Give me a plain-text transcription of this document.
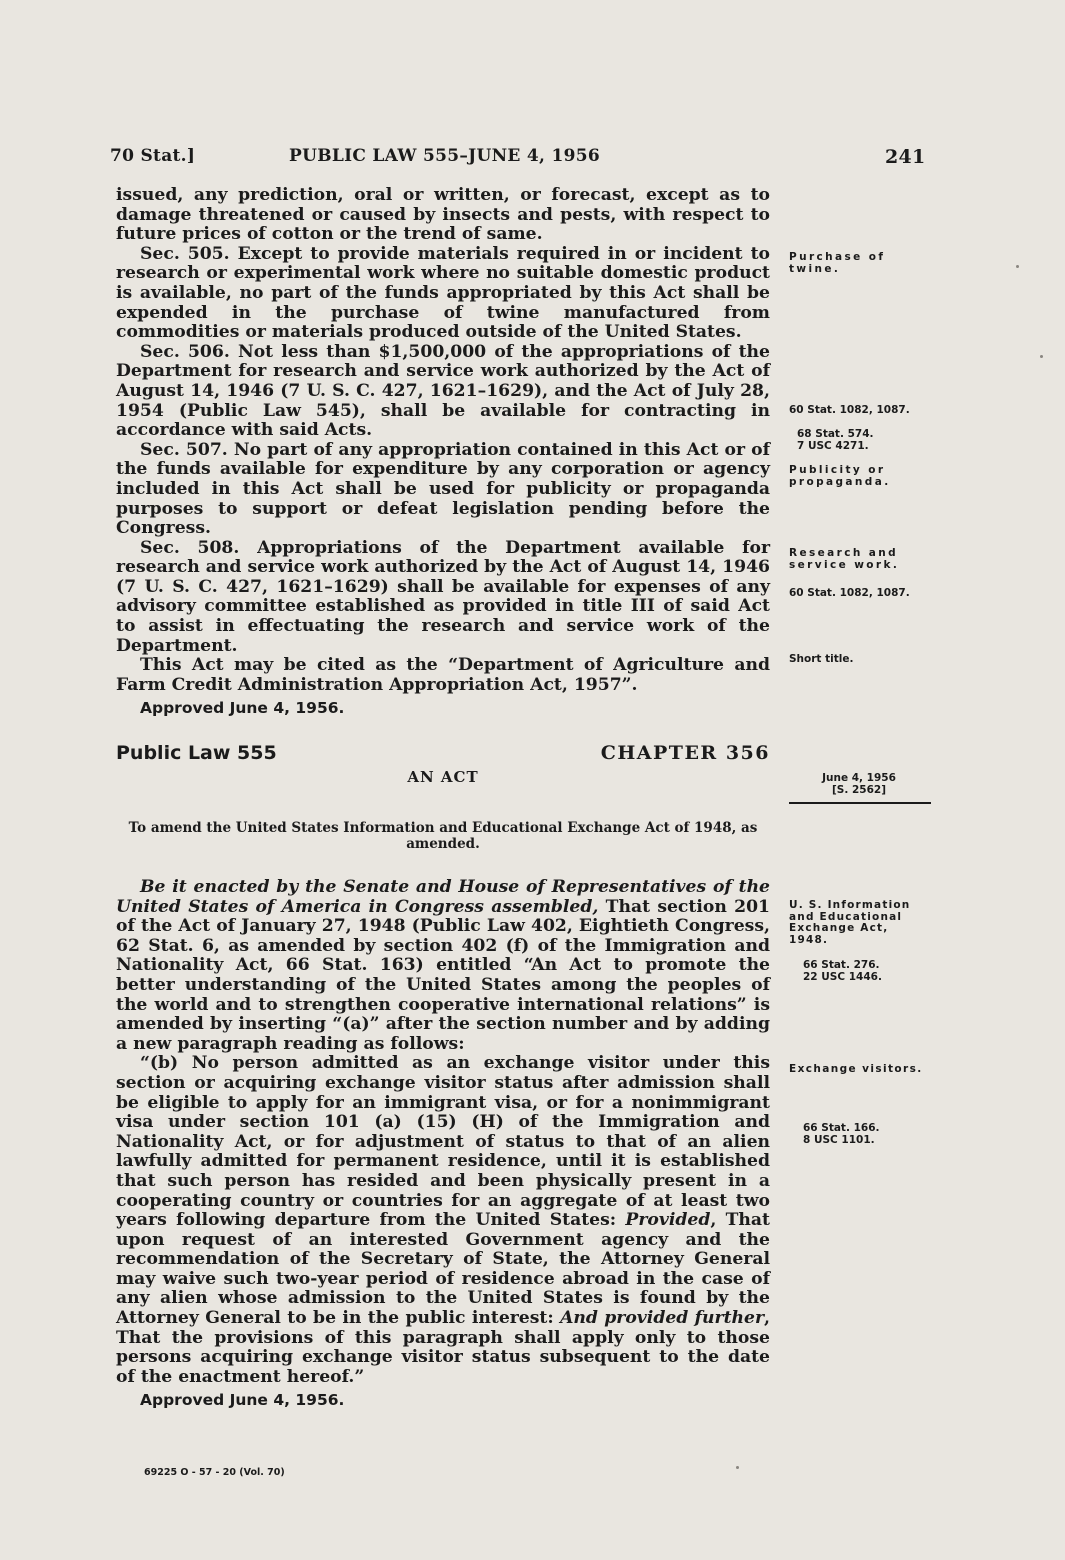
70 Stat.]	PUBLIC LAW 555–JUNE 4, 1956	241

issued, any prediction, oral or written, or forecast, except as to damage threatened or caused by insects and pests, with respect to future prices of cotton or the trend of same.

Sec. 505. Except to provide materials required in or incident to research or experimental work where no suitable domestic product is available, no part of the funds appropriated by this Act shall be expended in the purchase of twine manufactured from commodities or materials produced outside of the United States.

Sec. 506. Not less than $1,500,000 of the appropriations of the Department for research and service work authorized by the Act of August 14, 1946 (7 U. S. C. 427, 1621–1629), and the Act of July 28, 1954 (Public Law 545), shall be available for contracting in accordance with said Acts.

Sec. 507. No part of any appropriation contained in this Act or of the funds available for expenditure by any corporation or agency included in this Act shall be used for publicity or propaganda purposes to support or defeat legislation pending before the Congress.

Sec. 508. Appropriations of the Department available for research and service work authorized by the Act of August 14, 1946 (7 U. S. C. 427, 1621–1629) shall be available for expenses of any advisory committee established as provided in title III of said Act to assist in effectuating the research and service work of the Department.

This Act may be cited as the “Department of Agriculture and Farm Credit Administration Appropriation Act, 1957”.

Approved June 4, 1956.

Public Law 555	CHAPTER 356
AN ACT
To amend the United States Information and Educational Exchange Act of 1948, as amended.

Be it enacted by the Senate and House of Representatives of the United States of America in Congress assembled, That section 201 of the Act of January 27, 1948 (Public Law 402, Eightieth Congress, 62 Stat. 6, as amended by section 402 (f) of the Immigration and Nationality Act, 66 Stat. 163) entitled “An Act to promote the better understanding of the United States among the peoples of the world and to strengthen cooperative international relations” is amended by inserting “(a)” after the section number and by adding a new paragraph reading as follows:

“(b) No person admitted as an exchange visitor under this section or acquiring exchange visitor status after admission shall be eligible to apply for an immigrant visa, or for a nonimmigrant visa under section 101 (a) (15) (H) of the Immigration and Nationality Act, or for adjustment of status to that of an alien lawfully admitted for permanent residence, until it is established that such person has resided and been physically present in a cooperating country or countries for an aggregate of at least two years following departure from the United States: Provided, That upon request of an interested Government agency and the recommendation of the Secretary of State, the Attorney General may waive such two-year period of residence abroad in the case of any alien whose admission to the United States is found by the Attorney General to be in the public interest: And provided further, That the provisions of this paragraph shall apply only to those persons acquiring exchange visitor status subsequent to the date of the enactment hereof.”

Approved June 4, 1956.

Purchase of twine.
60 Stat. 1082, 1087.
68 Stat. 574.
7 USC 4271.
Publicity or propaganda.
Research and service work.
60 Stat. 1082, 1087.
Short title.
June 4, 1956
[S. 2562]
U. S. Information and Educational Exchange Act, 1948.
66 Stat. 276.
22 USC 1446.
Exchange visitors.
66 Stat. 166.
8 USC 1101.
69225 O - 57 - 20 (Vol. 70)
